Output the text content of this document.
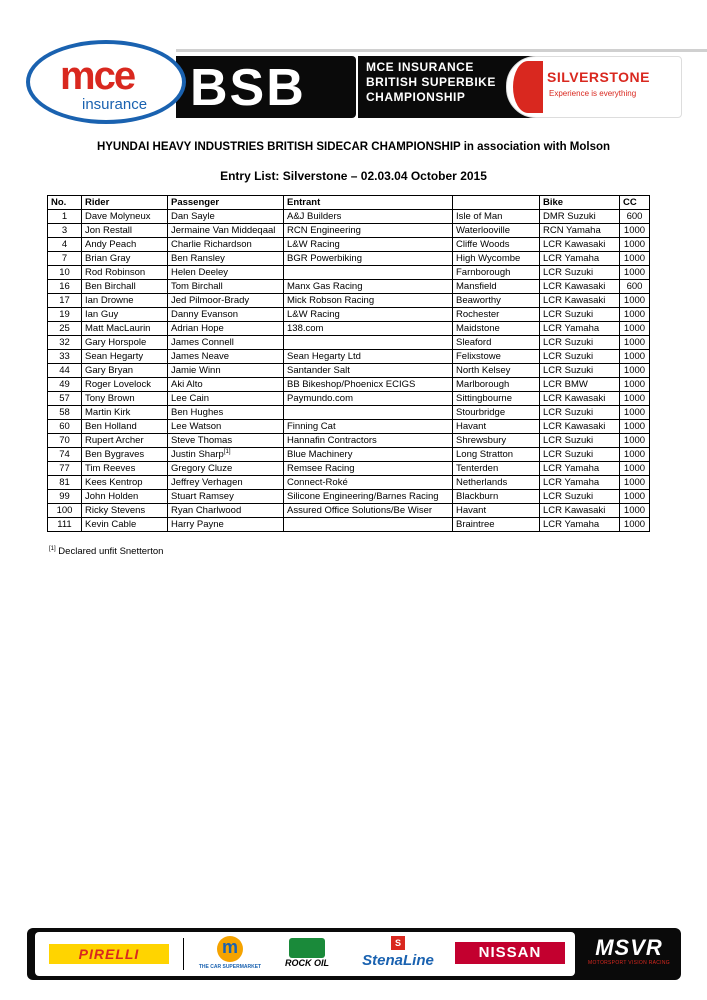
mce
insurance BSB	MCE INSURANCE
BRITISH SUPERBIKE
CHAMPIONSHIP
SILVERSTONE
Experience is everything
HYUNDAI HEAVY INDUSTRIES BRITISH SIDECAR CHAMPIONSHIP in association with Molson
Entry List: Silverstone – 02.03.04 October 2015
No.	Rider	Passenger	Entrant		Bike	CC
1	Dave Molyneux	Dan Sayle	A&J Builders	Isle of Man	DMR Suzuki	600
3	Jon Restall	Jermaine Van Middeqaal	RCN Engineering	Waterlooville	RCN Yamaha	1000
4	Andy Peach	Charlie Richardson	L&W Racing	Cliffe Woods	LCR Kawasaki	1000
7	Brian Gray	Ben Ransley	BGR Powerbiking	High Wycombe	LCR Yamaha	1000
10	Rod Robinson	Helen Deeley		Farnborough	LCR Suzuki	1000
16	Ben Birchall	Tom Birchall	Manx Gas Racing	Mansfield	LCR Kawasaki	600
17	Ian Drowne	Jed Pilmoor-Brady	Mick Robson Racing	Beaworthy	LCR Kawasaki	1000
19	Ian Guy	Danny Evanson	L&W Racing	Rochester	LCR Suzuki	1000
25	Matt MacLaurin	Adrian Hope	138.com	Maidstone	LCR Yamaha	1000
32	Gary Horspole	James Connell		Sleaford	LCR Suzuki	1000
33	Sean Hegarty	James Neave	Sean Hegarty Ltd	Felixstowe	LCR Suzuki	1000
44	Gary Bryan	Jamie Winn	Santander Salt	North Kelsey	LCR Suzuki	1000
49	Roger Lovelock	Aki Alto	BB Bikeshop/Phoenicx ECIGS	Marlborough	LCR BMW	1000
57	Tony Brown	Lee Cain	Paymundo.com	Sittingbourne	LCR Kawasaki	1000
58	Martin Kirk	Ben Hughes		Stourbridge	LCR Suzuki	1000
60	Ben Holland	Lee Watson	Finning Cat	Havant	LCR Kawasaki	1000
70	Rupert Archer	Steve Thomas	Hannafin Contractors	Shrewsbury	LCR Suzuki	1000
74	Ben Bygraves	Justin Sharp[1]	Blue Machinery	Long Stratton	LCR Suzuki	1000
77	Tim Reeves	Gregory Cluze	Remsee Racing	Tenterden	LCR Yamaha	1000
81	Kees Kentrop	Jeffrey Verhagen	Connect-Roké	Netherlands	LCR Yamaha	1000
99	John Holden	Stuart Ramsey	Silicone Engineering/Barnes Racing	Blackburn	LCR Suzuki	1000
100	Ricky Stevens	Ryan Charlwood	Assured Office Solutions/Be Wiser	Havant	LCR Kawasaki	1000
111	Kevin Cable	Harry Payne		Braintree	LCR Yamaha	1000
[1] Declared unfit Snetterton
PIRELLI
m
THE CAR SUPERMARKET	ROCK OIL
S
StenaLine	NISSAN	MSVR
MOTORSPORT VISION RACING
